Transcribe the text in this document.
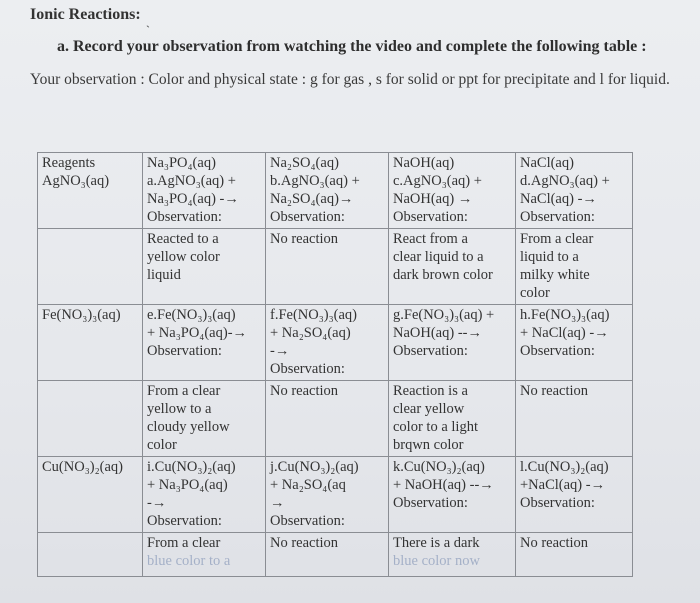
Ionic Reactions: ˎ
a. Record your observation from watching the video and complete the following table :
Your observation : Color and physical state : g for gas , s for solid or ppt for precipitate and l for liquid.
Reagents
AgNO₃(aq)	Na₃PO₄(aq)
a.AgNO₃(aq) +
Na₃PO₄(aq) -→
Observation:	Na₂SO₄(aq)
b.AgNO₃(aq) +
Na₂SO₄(aq)→
Observation:	NaOH(aq)
c.AgNO₃(aq) +
NaOH(aq) →
Observation:	NaCl(aq)
d.AgNO₃(aq) +
NaCl(aq) -→
Observation:
	Reacted to a
yellow color
liquid	No reaction	React from a
clear liquid to a
dark brown color	From a clear
liquid to a
milky white
color
Fe(NO₃)₃(aq)	e.Fe(NO₃)₃(aq)
+ Na₃PO₄(aq)-→
Observation:	f.Fe(NO₃)₃(aq)
+ Na₂SO₄(aq)
-→
Observation:	g.Fe(NO₃)₃(aq) +
NaOH(aq) --→
Observation:	h.Fe(NO₃)₃(aq)
+ NaCl(aq) -→
Observation:
	From a clear
yellow to a
cloudy yellow
color	No reaction	Reaction is a
clear yellow
color to a light
brqwn color	No reaction
Cu(NO₃)₂(aq)	i.Cu(NO₃)₂(aq)
+ Na₃PO₄(aq)
-→
Observation:	j.Cu(NO₃)₂(aq)
+ Na₂SO₄(aq
→
Observation:	k.Cu(NO₃)₂(aq)
+ NaOH(aq) --→
Observation:	l.Cu(NO₃)₂(aq)
+NaCl(aq) -→
Observation:
	From a clear
blue color to a	No reaction	There is a dark
blue color now	No reaction
